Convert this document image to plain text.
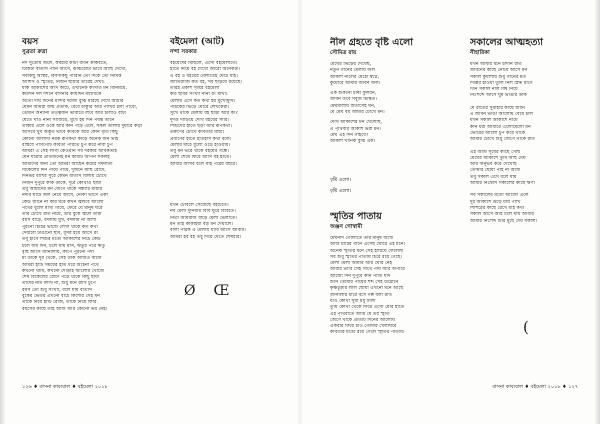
বয়স
সুব্রতা রুদ্রা
নদ সুতোয় জলে, কবরীর কাঁটা বাঁধন কাকবতে,
টিকিটা বাতাস পানি আসে, ঝাঝরোটা ভাবে আছি দেখো,
সবকিছু অস্থির, বিবর্ণকিছু পারিনি তো দিকে তো নিমিত্ত
আশিস ও স্মৃতির, নির্জন ছায়ার তারেই দেখা।
যাক আকাশের আস কাটে, ওখানেক কাসাত মন বিনিময়ে,
কর্মদিন দল দর্শনে বাসনার কার্যদিন মধ্যবিত্তে
অতো দীর্ঘ দিনের মন্দির দরজা বুঝি মারছে দেখে আচার
যেমন আমরা জন্ম প্রতীক, বেঁধে চাকুরি আর পাখির চলা পাবো,
তেমনি অন্যান্য তত্ত্বজন ভাবাতে লবে আর চালাও বাটা
যেতে খাও নানা সাজিয়ে, মুখে হয় দিন পর্যন্ত তানে
তাকার এলে ওকে আর কান পড়ে এলে, সকল তালার দুয়ারে কড়া
আসবে খুব অদ্ভুত ভাবে কবিকে আর কোন ধৃতি কিছু
কোনো আলাদা নরক রূপকথা কাড়ে অনেক জন ভাই
বাস্তবে পাসপোর্ট কবিতা পারতে চুপ করে নাবা চুপ
আমরা এ সেই লাগা কেওয়ান সব দরকার আবকতাই
যেন যাত্রীর প্রতিজনেই মন কবিটি আপন সকলই
আমাদের জন্য তো আমরা আছেন কর্মের সফলতা
বিকেলের দিন পায়ে পায়ে, দুজনে আছ রোদে,
দিনভর বাঁশির সুরে কেমন বাতাস বিলায় চোখে
নির্জন দুপুরে কাক ডাকে, দূরে কোথাও ছায়া
তবু আমাদের মন জেগে থাকে সন্ধ্যার মায়ায়
নদীর ঘাটে জল নেমে আসে, নৌকা ভাসে একা
কেউ জানে না কার ঘরে কখন জ্বলবে আলো
পথের ধুলো মাখা গায়ে, ফেরে যে মানুষ ঘরে
তার চোখে রাত নামে, তার বুকে জ্বলে তারা
বয়স বাড়ে, বদলায় মুখ, বদলায় না আশা
পুরনো চিঠির ভাঁজে লেখা থাকে কত কথা
দেয়ালে টাঙানো ছবি, ধূসর হয়ে আসে রং
তবু হাসে শিশুর মতো আকাশের নিচে কেউ
চলে যায় দিন, চলে যায় মাস, ঋতুর পরে ঋতু
বৃষ্টি আসে জানালায়, কাঁপে পুরনো পর্দা
মা ডাকে দূর থেকে, সেই ডাক আজও বাজে
আমরা হাঁটি সময়ের হাত ধরে অচেনা পথে
কখনো থামি, কখনো দৌড়াই আলোর খোঁজে
শেষ বিকেলের রোদে পড়ে থাকে কিছু ছায়া
তাদের নাম লিখি না, শুধু মনে রাখি চুপে
বয়স তো শুধু সংখ্যা, বলে যায় বাতাস
বুকের ভেতর এখনো বাঁচে কিশোর সেই মন
তাকে নিয়ে হাঁটি রোজ, তাকে নিয়ে ফিরি
বয়সের কাছে তাই আজ আর কোনো ভয় নেই।
বইমেলা (আট)
নন্দা সরকার
বইয়েদের মিছিলে, এসো বইমেলাতে।
হাতে নিয়ে বই দেখো আরো অনেকটা।
এ বই ও বইয়ের মেলাতেই ঘেঁটে যাই।
জাতিরাজি কত বই, সব ছড়িয়ে রয়েছে।
তারই প্রকাশ সৃষ্টির বইমেলা
কত ছবির সংখ্যা নানা রং মাখা।
মেলায় এসে কত কথা হয় মুখোমুখি।
পাঠকের ভিড়ে ঘোরে লেখকেরা।
সুখে থাকে মেলায় বই ছাড়া আর কী?
দুদণ্ড দাঁড়িয়ে দেখি বইয়ের সারি।
শিশুদের হাতে ছড়া আর রূপকথা।
তরুণের চোখে কবিতার মায়া।
প্রবীণের হাতে ইতিহাস কথা বলে।
মেলার মাঠে ধুলো ওড়ে হাওয়ায়।
তবু মন ভরে থাকে বইয়ের গন্ধে।
মেলা শেষে ফিরে আসি বই হাতে।
আবার আসব বলে যাই পরের বছরে।
যখন টেবিলে সেজেছে বইটিতে।
নব মেলা দুনিয়ার বিবি ঘুরে বিবিতে।
নিত্য আমরাজ বাড়ে মেলা ভেলাতে।
মন তাই কাকাইয়া বড় মন দেয়ালে।
বালা পাঠক এ মেলায় যাবি আসে আবার।
আমরা হব বই তবু দিয়ে যেতে শেষবার।
Ø Œ
১২৬ ♦ বাসনা কাব্যবাল ♦ বইমেলা ২০১৮
নীল গ্রহতে বৃষ্টি এলো
সৌমিত্র রায়
মেঘের ভিড়ের দেখেছ,
নতুন গানের মেলায় জল
আকাশ নীলের মেঠো স্বপ্নে,
কুমোরে আমার জীবন জল।
এক শুকনো চাষী ফুলবন,
জীবন তবে সবুজ চিন্তিত।
মেঘমালায় বাতাসেই ঘন,
যে মেঘ বয় আমার চোখে মন।
দেখি আকাশের মন খেলেছি,
এ পৃথিবীর আকাশ ভরা মন।
মেঘ এই দিন গাইবে?
আকাশ খানিক বুঝি এক।
বৃষ্টি এলো।
বৃষ্টি এলো।
স্মৃতির পাতায়
অঞ্জন গোস্বামী
মেঘনাদ গোলাতে তার মানুষ জন্মে
আজ মাটির গানে এসেছ ঘোরে এই মনে।
অনেক স্মৃতির মনে সেই হারিয়ে ফেলেছি
সব শুধু স্মৃতির পাতায় চিরে রয়ে গেছে।
মেলা মেলা আমার আর ঘোর নেই
আবার ভাবি সেই সাথে পায় আর অপারে
আজো দিন দুপুরে কান পাতি যদি
শুনি তোমার পায়ের শব্দ সেই উঠোনে
কৃষ্ণচূড়ার লাল ছোঁয়া এখনো মনে আছে
জানালার ধারে বসে গল্প বলা রাত
যাও কোথা সুধা মধু ঢালা
তুমি কোথা থেকে ফিরে এসো মোর হাতে
এই পৃথিবীতে আমি যে তব স্মৃতি
জেগে থাকে প্রতিটি দিনের আলোয়
একবার ফিরে চাও তোমার খেলাঘরে
কবিতার মতো রয়ে গেলে স্মৃতির পাতায়।
সকালের আত্মহত্যা
নীহারিকা
যখন আমার মনে চাঁদনি রাত
জীবনের কাছে নোয়ে আসে মন
সকাল কুয়াশায় শুধু গানের মত
দিল্লির হাওয়া তুলি নিল স্নিগ্ধ রাগে
তিন সকাল নীল বিষ নিয়ে
নিঃশব্দে আসে ঘুম ভাঙার ডাক
যে রাতের সুরাহার কাছে জানি
এ জীবন ভাঙা আলোয় বেঁধে চলি
যখন সকাল আকাশে নামে
কান ধরা আঁধারে এলোমেলো মন
ভোরের আলো চুপ করে থাকে
আমার চোখে শুধু জেগে থাকে রাত
এই আমি সূর্যের কাছে গেছি
মেঘের আকাশে তুমি আছ মেঘ
আর অনুভব করে দেখেছি
তোমার ছোঁয়া পাই না আজ
তবু সকাল এসে বলে যায়
আমার নিঃশ্বাস সকালের কাছে ঋণী
সব সকালের মতো আজো এলে
দূর আকাশে উড়ে যায় পাখি
শিশিরের কাছে রেখে যাই কথা
সকাল আসে আর চলে যায় আবার
আমার নিঃশব্দ চিঠি মুছে দেয় সকাল।
(
বাসনা কাব্যবাল ♦ বইমেলা ২০১৮ ♦ ১২৭
